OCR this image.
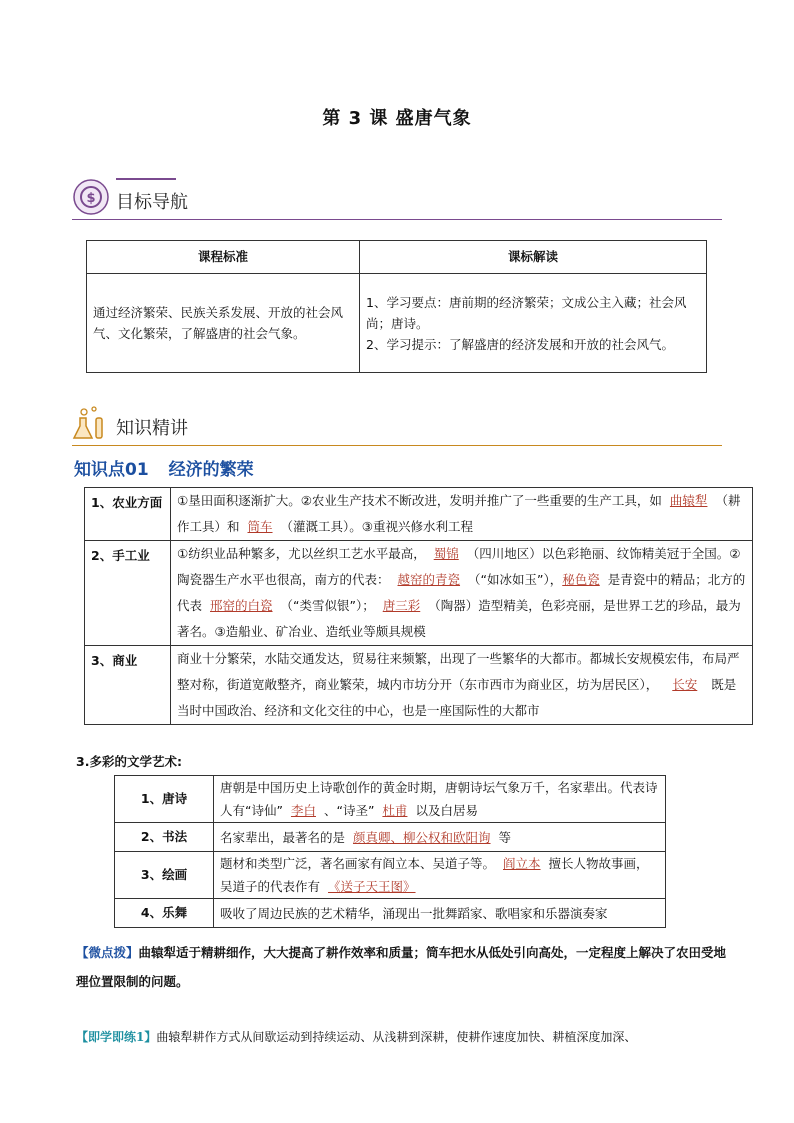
第 3 课 盛唐气象
$ 目标导航
课程标准	课标解读
通过经济繁荣、民族关系发展、开放的社会风气、文化繁荣，了解盛唐的社会气象。	1、学习要点：唐前期的经济繁荣；文成公主入藏；社会风尚；唐诗。
2、学习提示：了解盛唐的经济发展和开放的社会风气。
知识精讲
知识点01 经济的繁荣
1、农业方面	①垦田面积逐渐扩大。②农业生产技术不断改进，发明并推广了一些重要的生产工具，如 曲辕犁 （耕作工具）和 筒车 （灌溉工具）。③重视兴修水利工程
2、手工业	①纺织业品种繁多，尤以丝织工艺水平最高， 蜀锦 （四川地区）以色彩艳丽、纹饰精美冠于全国。②陶瓷器生产水平也很高，南方的代表： 越窑的青瓷 （“如冰如玉”），秘色瓷 是青瓷中的精品；北方的代表 邢窑的白瓷 （“类雪似银”）； 唐三彩 （陶器）造型精美，色彩亮丽，是世界工艺的珍品，最为著名。③造船业、矿冶业、造纸业等颇具规模
3、商业	商业十分繁荣，水陆交通发达，贸易往来频繁，出现了一些繁华的大都市。都城长安规模宏伟，布局严整对称，街道宽敞整齐，商业繁荣，城内市坊分开（东市西市为商业区，坊为居民区）， 长安 既是当时中国政治、经济和文化交往的中心，也是一座国际性的大都市
3.多彩的文学艺术:
1、唐诗	唐朝是中国历史上诗歌创作的黄金时期，唐朝诗坛气象万千，名家辈出。代表诗人有“诗仙” 李白 、“诗圣” 杜甫 以及白居易
2、书法	名家辈出，最著名的是 颜真卿、柳公权和欧阳询 等
3、绘画	题材和类型广泛，著名画家有阎立本、吴道子等。 阎立本 擅长人物故事画，吴道子的代表作有 《送子天王图》
4、乐舞	吸收了周边民族的艺术精华，涌现出一批舞蹈家、歌唱家和乐器演奏家
【微点拨】曲辕犁适于精耕细作，大大提高了耕作效率和质量；筒车把水从低处引向高处，一定程度上解决了农田受地理位置限制的问题。
【即学即练1】曲辕犁耕作方式从间歇运动到持续运动、从浅耕到深耕，使耕作速度加快、耕植深度加深、
